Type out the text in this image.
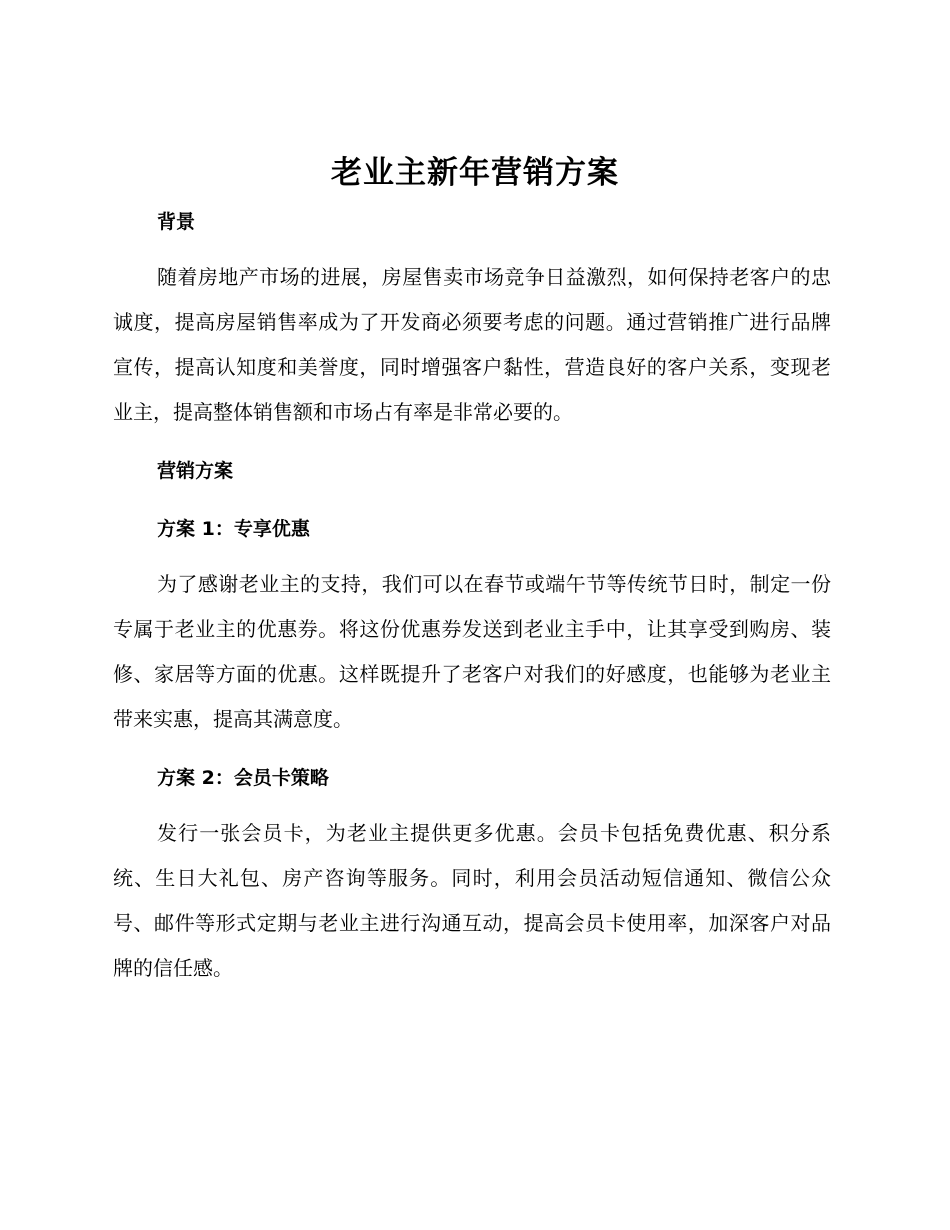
老业主新年营销方案
背景
随着房地产市场的进展，房屋售卖市场竞争日益激烈，如何保持老客户的忠诚度，提高房屋销售率成为了开发商必须要考虑的问题。通过营销推广进行品牌宣传，提高认知度和美誉度，同时增强客户黏性，营造良好的客户关系，变现老业主，提高整体销售额和市场占有率是非常必要的。
营销方案
方案 1：专享优惠
为了感谢老业主的支持，我们可以在春节或端午节等传统节日时，制定一份专属于老业主的优惠券。将这份优惠券发送到老业主手中，让其享受到购房、装修、家居等方面的优惠。这样既提升了老客户对我们的好感度，也能够为老业主带来实惠，提高其满意度。
方案 2：会员卡策略
发行一张会员卡，为老业主提供更多优惠。会员卡包括免费优惠、积分系统、生日大礼包、房产咨询等服务。同时，利用会员活动短信通知、微信公众号、邮件等形式定期与老业主进行沟通互动，提高会员卡使用率，加深客户对品牌的信任感。
